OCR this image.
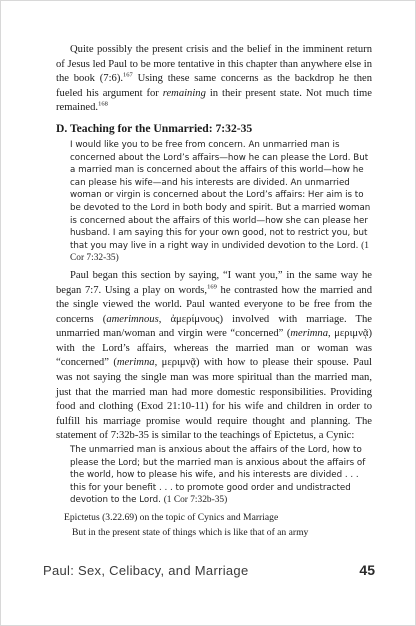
Quite possibly the present crisis and the belief in the imminent return of Jesus led Paul to be more tentative in this chapter than anywhere else in the book (7:6).$^{167}$ Using these same concerns as the backdrop he then fueled his argument for remaining in their present state. Not much time remained.$^{168}$

D. Teaching for the Unmarried: 7:32-35

I would like you to be free from concern. An unmarried man is concerned about the Lord’s affairs—how he can please the Lord. But a married man is concerned about the affairs of this world—how he can please his wife—and his interests are divided. An unmarried woman or virgin is concerned about the Lord’s affairs: Her aim is to be devoted to the Lord in both body and spirit. But a married woman is concerned about the affairs of this world—how she can please her husband. I am saying this for your own good, not to restrict you, but that you may live in a right way in undivided devotion to the Lord. (1 Cor 7:32-35)

Paul began this section by saying, “I want you,” in the same way he began 7:7. Using a play on words,$^{169}$ he contrasted how the married and the single viewed the world. Paul wanted everyone to be free from the concerns (amerimnous, ἀμερίμνους) involved with marriage. The unmarried man/woman and virgin were “concerned” (merimna, μεριμνᾷ) with the Lord’s affairs, whereas the married man or woman was “concerned” (merimna, μεριμνᾷ) with how to please their spouse. Paul was not saying the single man was more spiritual than the married man, just that the married man had more domestic responsibilities. Providing food and clothing (Exod 21:10-11) for his wife and children in order to fulfill his marriage promise would require thought and planning. The statement of 7:32b-35 is similar to the teachings of Epictetus, a Cynic:

The unmarried man is anxious about the affairs of the Lord, how to please the Lord; but the married man is anxious about the affairs of the world, how to please his wife, and his interests are divided . . . this for your benefit . . . to promote good order and undistracted devotion to the Lord. (1 Cor 7:32b-35)

Epictetus (3.22.69) on the topic of Cynics and Marriage

But in the present state of things which is like that of an army

Paul: Sex, Celibacy, and Marriage	45
